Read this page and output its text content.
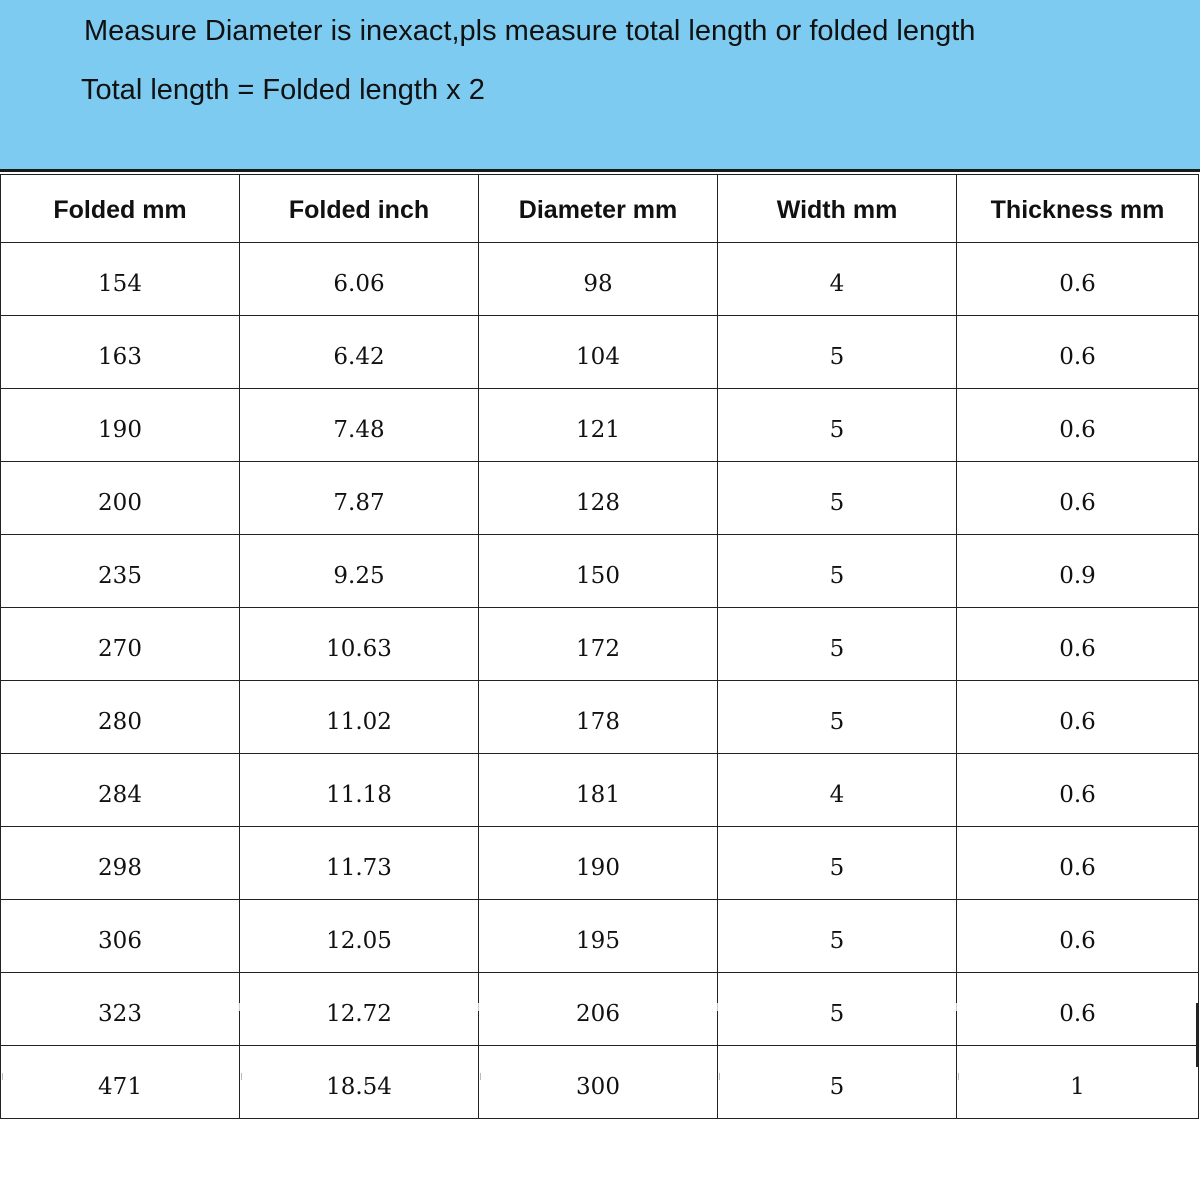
Measure Diameter is inexact,pls measure total length or folded length
Total length = Folded length x 2
Folded mm	Folded inch	Diameter mm	Width mm	Thickness mm
154	6.06	98	4	0.6
163	6.42	104	5	0.6
190	7.48	121	5	0.6
200	7.87	128	5	0.6
235	9.25	150	5	0.9
270	10.63	172	5	0.6
280	11.02	178	5	0.6
284	11.18	181	4	0.6
298	11.73	190	5	0.6
306	12.05	195	5	0.6
323	12.72	206	5	0.6
471	18.54	300	5	1
